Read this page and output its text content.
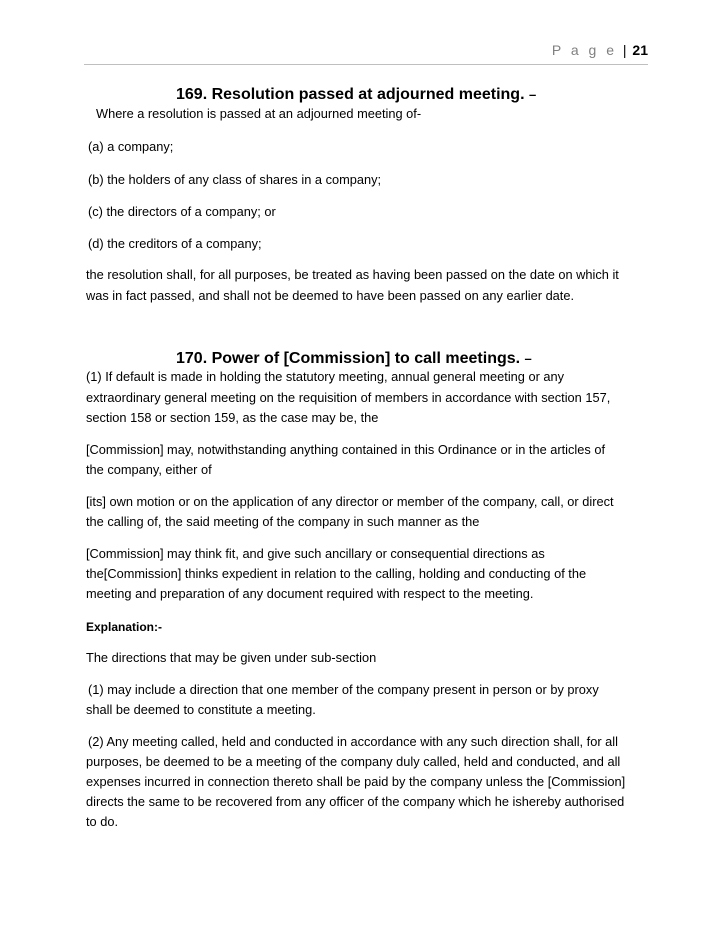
P a g e | 21
169. Resolution passed at adjourned meeting. –
Where a resolution is passed at an adjourned meeting of-
(a) a company;
(b) the holders of any class of shares in a company;
(c) the directors of a company; or
(d) the creditors of a company;
the resolution shall, for all purposes, be treated as having been passed on the date on which it
was in fact passed, and shall not be deemed to have been passed on any earlier date.
170. Power of [Commission] to call meetings. –
(1) If default is made in holding the statutory meeting, annual general meeting or any
extraordinary general meeting on the requisition of members in accordance with section 157,
section 158 or section 159, as the case may be, the
[Commission] may, notwithstanding anything contained in this Ordinance or in the articles of
the company, either of
[its] own motion or on the application of any director or member of the company, call, or direct
the calling of, the said meeting of the company in such manner as the
[Commission] may think fit, and give such ancillary or consequential directions as
the[Commission] thinks expedient in relation to the calling, holding and conducting of the
meeting and preparation of any document required with respect to the meeting.
Explanation:-
The directions that may be given under sub-section
(1) may include a direction that one member of the company present in person or by proxy
shall be deemed to constitute a meeting.
(2) Any meeting called, held and conducted in accordance with any such direction shall, for all
purposes, be deemed to be a meeting of the company duly called, held and conducted, and all
expenses incurred in connection thereto shall be paid by the company unless the [Commission]
directs the same to be recovered from any officer of the company which he ishereby authorised
to do.
